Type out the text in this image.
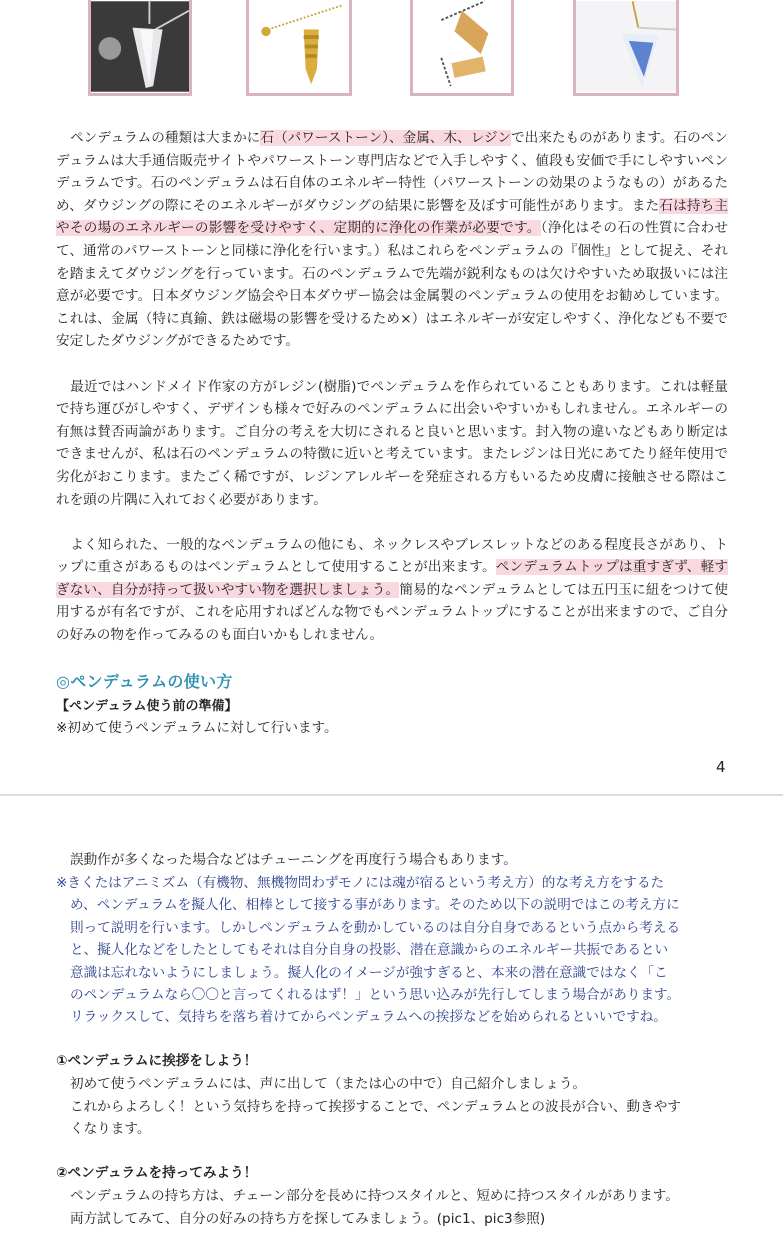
ペンデュラムの種類は大まかに石（パワーストーン）、金属、木、レジンで出来たものがあります。石のペンデュラムは大手通信販売サイトやパワーストーン専門店などで入手しやすく、値段も安価で手にしやすいペンデュラムです。石のペンデュラムは石自体のエネルギー特性（パワーストーンの効果のようなもの）があるため、ダウジングの際にそのエネルギーがダウジングの結果に影響を及ぼす可能性があります。また石は持ち主やその場のエネルギーの影響を受けやすく、定期的に浄化の作業が必要です。（浄化はその石の性質に合わせて、通常のパワーストーンと同様に浄化を行います。）私はこれらをペンデュラムの『個性』として捉え、それを踏まえてダウジングを行っています。石のペンデュラムで先端が鋭利なものは欠けやすいため取扱いには注意が必要です。日本ダウジング協会や日本ダウザー協会は金属製のペンデュラムの使用をお勧めしています。これは、金属（特に真鍮、鉄は磁場の影響を受けるため×）はエネルギーが安定しやすく、浄化なども不要で安定したダウジングができるためです。

最近ではハンドメイド作家の方がレジン(樹脂)でペンデュラムを作られていることもあります。これは軽量で持ち運びがしやすく、デザインも様々で好みのペンデュラムに出会いやすいかもしれません。エネルギーの有無は賛否両論があります。ご自分の考えを大切にされると良いと思います。封入物の違いなどもあり断定はできませんが、私は石のペンデュラムの特徴に近いと考えています。またレジンは日光にあてたり経年使用で劣化がおこります。またごく稀ですが、レジンアレルギーを発症される方もいるため皮膚に接触させる際はこれを頭の片隅に入れておく必要があります。

よく知られた、一般的なペンデュラムの他にも、ネックレスやブレスレットなどのある程度長さがあり、トップに重さがあるものはペンデュラムとして使用することが出来ます。ペンデュラムトップは重すぎず、軽すぎない、自分が持って扱いやすい物を選択しましょう。簡易的なペンデュラムとしては五円玉に紐をつけて使用するが有名ですが、これを応用すればどんな物でもペンデュラムトップにすることが出来ますので、ご自分の好みの物を作ってみるのも面白いかもしれません。

◎ペンデュラムの使い方
【ペンデュラム使う前の準備】
※初めて使うペンデュラムに対して行います。
4
誤動作が多くなった場合などはチューニングを再度行う場合もあります。
※きくたはアニミズム（有機物、無機物問わずモノには魂が宿るという考え方）的な考え方をするた
め、ペンデュラムを擬人化、相棒として接する事があります。そのため以下の説明ではこの考え方に
則って説明を行います。しかしペンデュラムを動かしているのは自分自身であるという点から考える
と、擬人化などをしたとしてもそれは自分自身の投影、潜在意識からのエネルギー共振であるとい
意識は忘れないようにしましょう。擬人化のイメージが強すぎると、本来の潜在意識ではなく「こ
のペンデュラムなら〇〇と言ってくれるはず！」という思い込みが先行してしまう場合があります。
リラックスして、気持ちを落ち着けてからペンデュラムへの挨拶などを始められるといいですね。
①ペンデュラムに挨拶をしよう！
初めて使うペンデュラムには、声に出して（または心の中で）自己紹介しましょう。
これからよろしく！という気持ちを持って挨拶することで、ペンデュラムとの波長が合い、動きやす
くなります。
②ペンデュラムを持ってみよう！
ペンデュラムの持ち方は、チェーン部分を長めに持つスタイルと、短めに持つスタイルがあります。
両方試してみて、自分の好みの持ち方を探してみましょう。(pic1、pic3参照)
